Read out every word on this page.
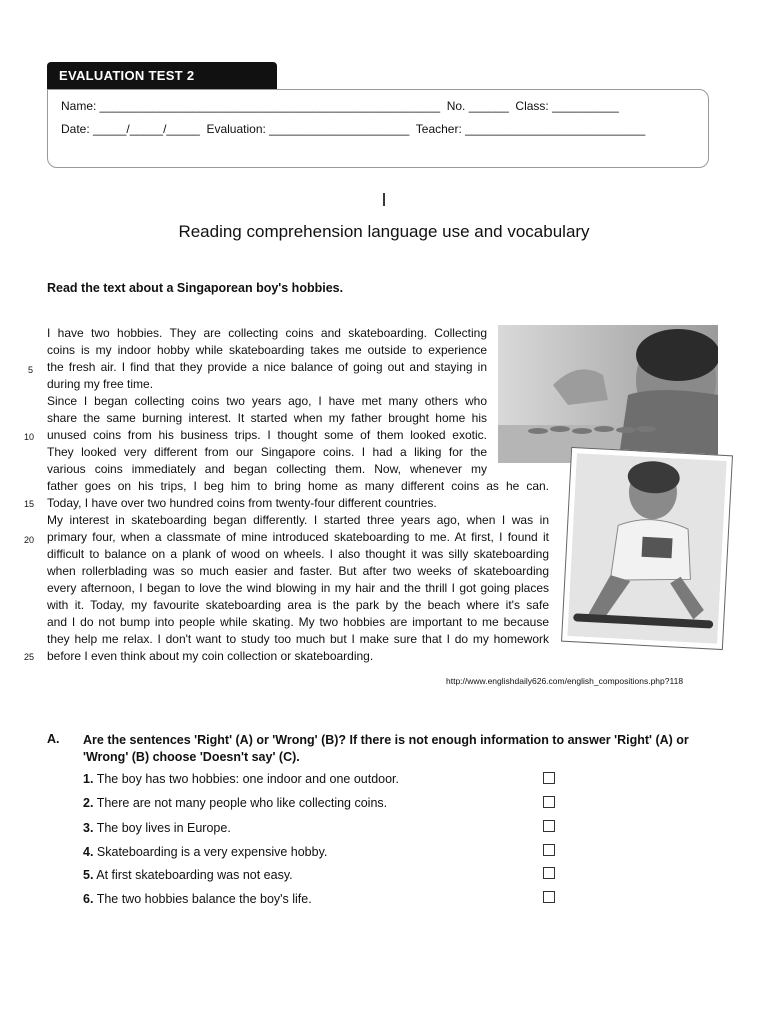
EVALUATION TEST 2
Name: ___________________________________________________  No. ______  Class: __________
Date: _____/_____/_____  Evaluation: _____________________  Teacher: ___________________________
I
Reading comprehension language use and vocabulary
Read the text about a Singaporean boy's hobbies.
I have two hobbies. They are collecting coins and skateboarding. Collecting
coins is my indoor hobby while skateboarding takes me outside to experience
the fresh air. I find that they provide a nice balance of going out and staying in
during my free time.
Since I began collecting coins two years ago, I have met many others who
share the same burning interest. It started when my father brought home his
unused coins from his business trips. I thought some of them looked exotic.
They looked very different from our Singapore coins. I had a liking for the
various coins immediately and began collecting them. Now, whenever my
father goes on his trips, I beg him to bring home as many different coins as he can.
Today, I have over two hundred coins from twenty-four different countries.
My interest in skateboarding began differently. I started three years ago, when I was in
primary four, when a classmate of mine introduced skateboarding to me. At first, I found it
difficult to balance on a plank of wood on wheels. I also thought it was silly skateboarding
when rollerblading was so much easier and faster. But after two weeks of skateboarding
every afternoon, I began to love the wind blowing in my hair and the thrill I got going places
with it. Today, my favourite skateboarding area is the park by the beach where it's safe
and I do not bump into people while skating. My two hobbies are important to me because
they help me relax. I don't want to study too much but I make sure that I do my homework
before I even think about my coin collection or skateboarding.
5
10
15
20
25
http://www.englishdaily626.com/english_compositions.php?118
A. Are the sentences 'Right' (A) or 'Wrong' (B)? If there is not enough information to answer 'Right' (A) or 'Wrong' (B) choose 'Doesn't say' (C).
1. The boy has two hobbies: one indoor and one outdoor.
2. There are not many people who like collecting coins.
3. The boy lives in Europe.
4. Skateboarding is a very expensive hobby.
5. At first skateboarding was not easy.
6. The two hobbies balance the boy's life.
